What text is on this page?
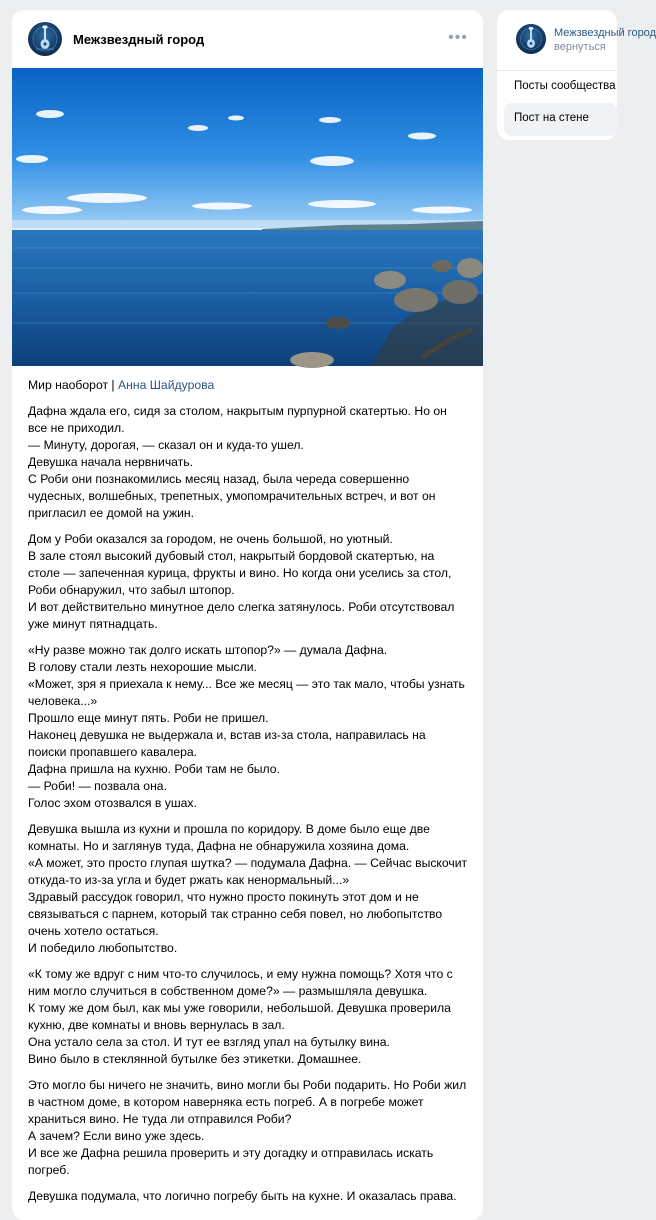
Межзвездный город	•••
Мир наоборот | Анна Шайдурова
Дафна ждала его, сидя за столом, накрытым пурпурной скатертью. Но он
все не приходил.
— Минуту, дорогая, — сказал он и куда-то ушел.
Девушка начала нервничать.
С Роби они познакомились месяц назад, была череда совершенно
чудесных, волшебных, трепетных, умопомрачительных встреч, и вот он
пригласил ее домой на ужин.
Дом у Роби оказался за городом, не очень большой, но уютный.
В зале стоял высокий дубовый стол, накрытый бордовой скатертью, на
столе — запеченная курица, фрукты и вино. Но когда они уселись за стол,
Роби обнаружил, что забыл штопор.
И вот действительно минутное дело слегка затянулось. Роби отсутствовал
уже минут пятнадцать.
«Ну разве можно так долго искать штопор?» — думала Дафна.
В голову стали лезть нехорошие мысли.
«Может, зря я приехала к нему... Все же месяц — это так мало, чтобы узнать
человека...»
Прошло еще минут пять. Роби не пришел.
Наконец девушка не выдержала и, встав из-за стола, направилась на
поиски пропавшего кавалера.
Дафна пришла на кухню. Роби там не было.
— Роби! — позвала она.
Голос эхом отозвался в ушах.
Девушка вышла из кухни и прошла по коридору. В доме было еще две
комнаты. Но и заглянув туда, Дафна не обнаружила хозяина дома.
«А может, это просто глупая шутка? — подумала Дафна. — Сейчас выскочит
откуда-то из-за угла и будет ржать как ненормальный...»
Здравый рассудок говорил, что нужно просто покинуть этот дом и не
связываться с парнем, который так странно себя повел, но любопытство
очень хотело остаться.
И победило любопытство.
«К тому же вдруг с ним что-то случилось, и ему нужна помощь? Хотя что с
ним могло случиться в собственном доме?» — размышляла девушка.
К тому же дом был, как мы уже говорили, небольшой. Девушка проверила
кухню, две комнаты и вновь вернулась в зал.
Она устало села за стол. И тут ее взгляд упал на бутылку вина.
Вино было в стеклянной бутылке без этикетки. Домашнее.
Это могло бы ничего не значить, вино могли бы Роби подарить. Но Роби жил
в частном доме, в котором наверняка есть погреб. А в погребе может
храниться вино. Не туда ли отправился Роби?
А зачем? Если вино уже здесь.
И все же Дафна решила проверить и эту догадку и отправилась искать
погреб.
Девушка подумала, что логично погребу быть на кухне. И оказалась права.
Межзвездный город
вернуться
Посты сообщества
Пост на стене
